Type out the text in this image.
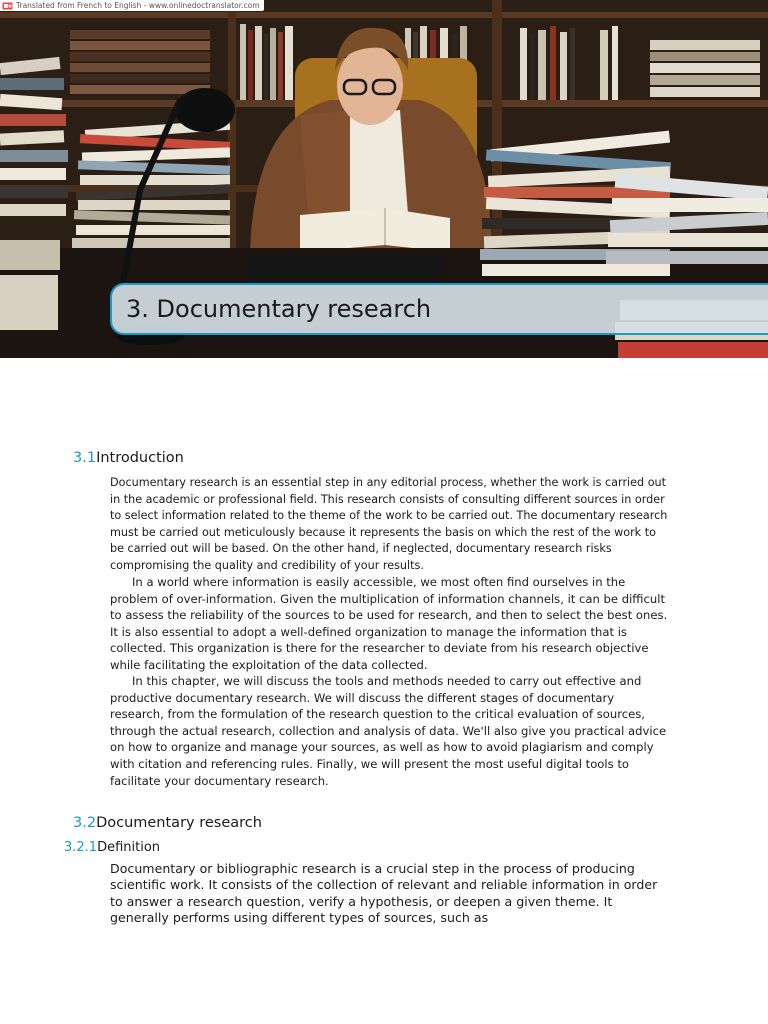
3. Documentary research
Translated from French to English - www.onlinedoctranslator.com
3.1Introduction

Documentary research is an essential step in any editorial process, whether the work is carried out in the academic or professional field. This research consists of consulting different sources in order to select information related to the theme of the work to be carried out. The documentary research must be carried out meticulously because it represents the basis on which the rest of the work to be carried out will be based. On the other hand, if neglected, documentary research risks compromising the quality and credibility of your results.

In a world where information is easily accessible, we most often find ourselves in the problem of over-information. Given the multiplication of information channels, it can be difficult to assess the reliability of the sources to be used for research, and then to select the best ones. It is also essential to adopt a well-defined organization to manage the information that is collected. This organization is there for the researcher to deviate from his research objective while facilitating the exploitation of the data collected.

In this chapter, we will discuss the tools and methods needed to carry out effective and productive documentary research. We will discuss the different stages of documentary research, from the formulation of the research question to the critical evaluation of sources, through the actual research, collection and analysis of data. We'll also give you practical advice on how to organize and manage your sources, as well as how to avoid plagiarism and comply with citation and referencing rules. Finally, we will present the most useful digital tools to facilitate your documentary research.

3.2Documentary research
3.2.1Definition

Documentary or bibliographic research is a crucial step in the process of producing scientific work. It consists of the collection of relevant and reliable information in order to answer a research question, verify a hypothesis, or deepen a given theme. It generally performs using different types of sources, such as
